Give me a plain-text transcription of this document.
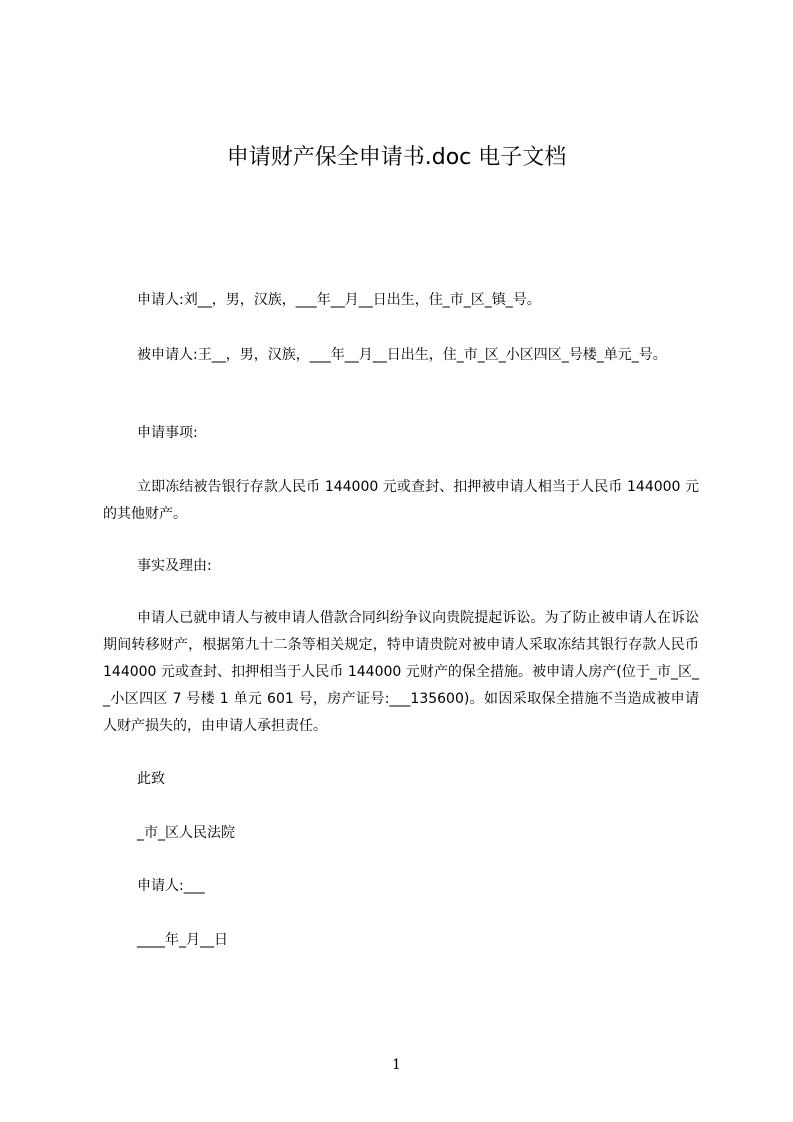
申请财产保全申请书.doc 电子文档

申请人:刘__，男，汉族，___年__月__日出生，住_市_区_镇_号。

被申请人:王__，男，汉族，___年__月__日出生，住_市_区_小区四区_号楼_单元_号。

申请事项:

立即冻结被告银行存款人民币 144000 元或查封、扣押被申请人相当于人民币 144000 元的其他财产。

事实及理由:

申请人已就申请人与被申请人借款合同纠纷争议向贵院提起诉讼。为了防止被申请人在诉讼期间转移财产，根据第九十二条等相关规定，特申请贵院对被申请人采取冻结其银行存款人民币 144000 元或查封、扣押相当于人民币 144000 元财产的保全措施。被申请人房产(位于_市_区__小区四区 7 号楼 1 单元 601 号，房产证号:___135600)。如因采取保全措施不当造成被申请人财产损失的，由申请人承担责任。

此致

_市_区人民法院

申请人:___

____年_月__日

1
